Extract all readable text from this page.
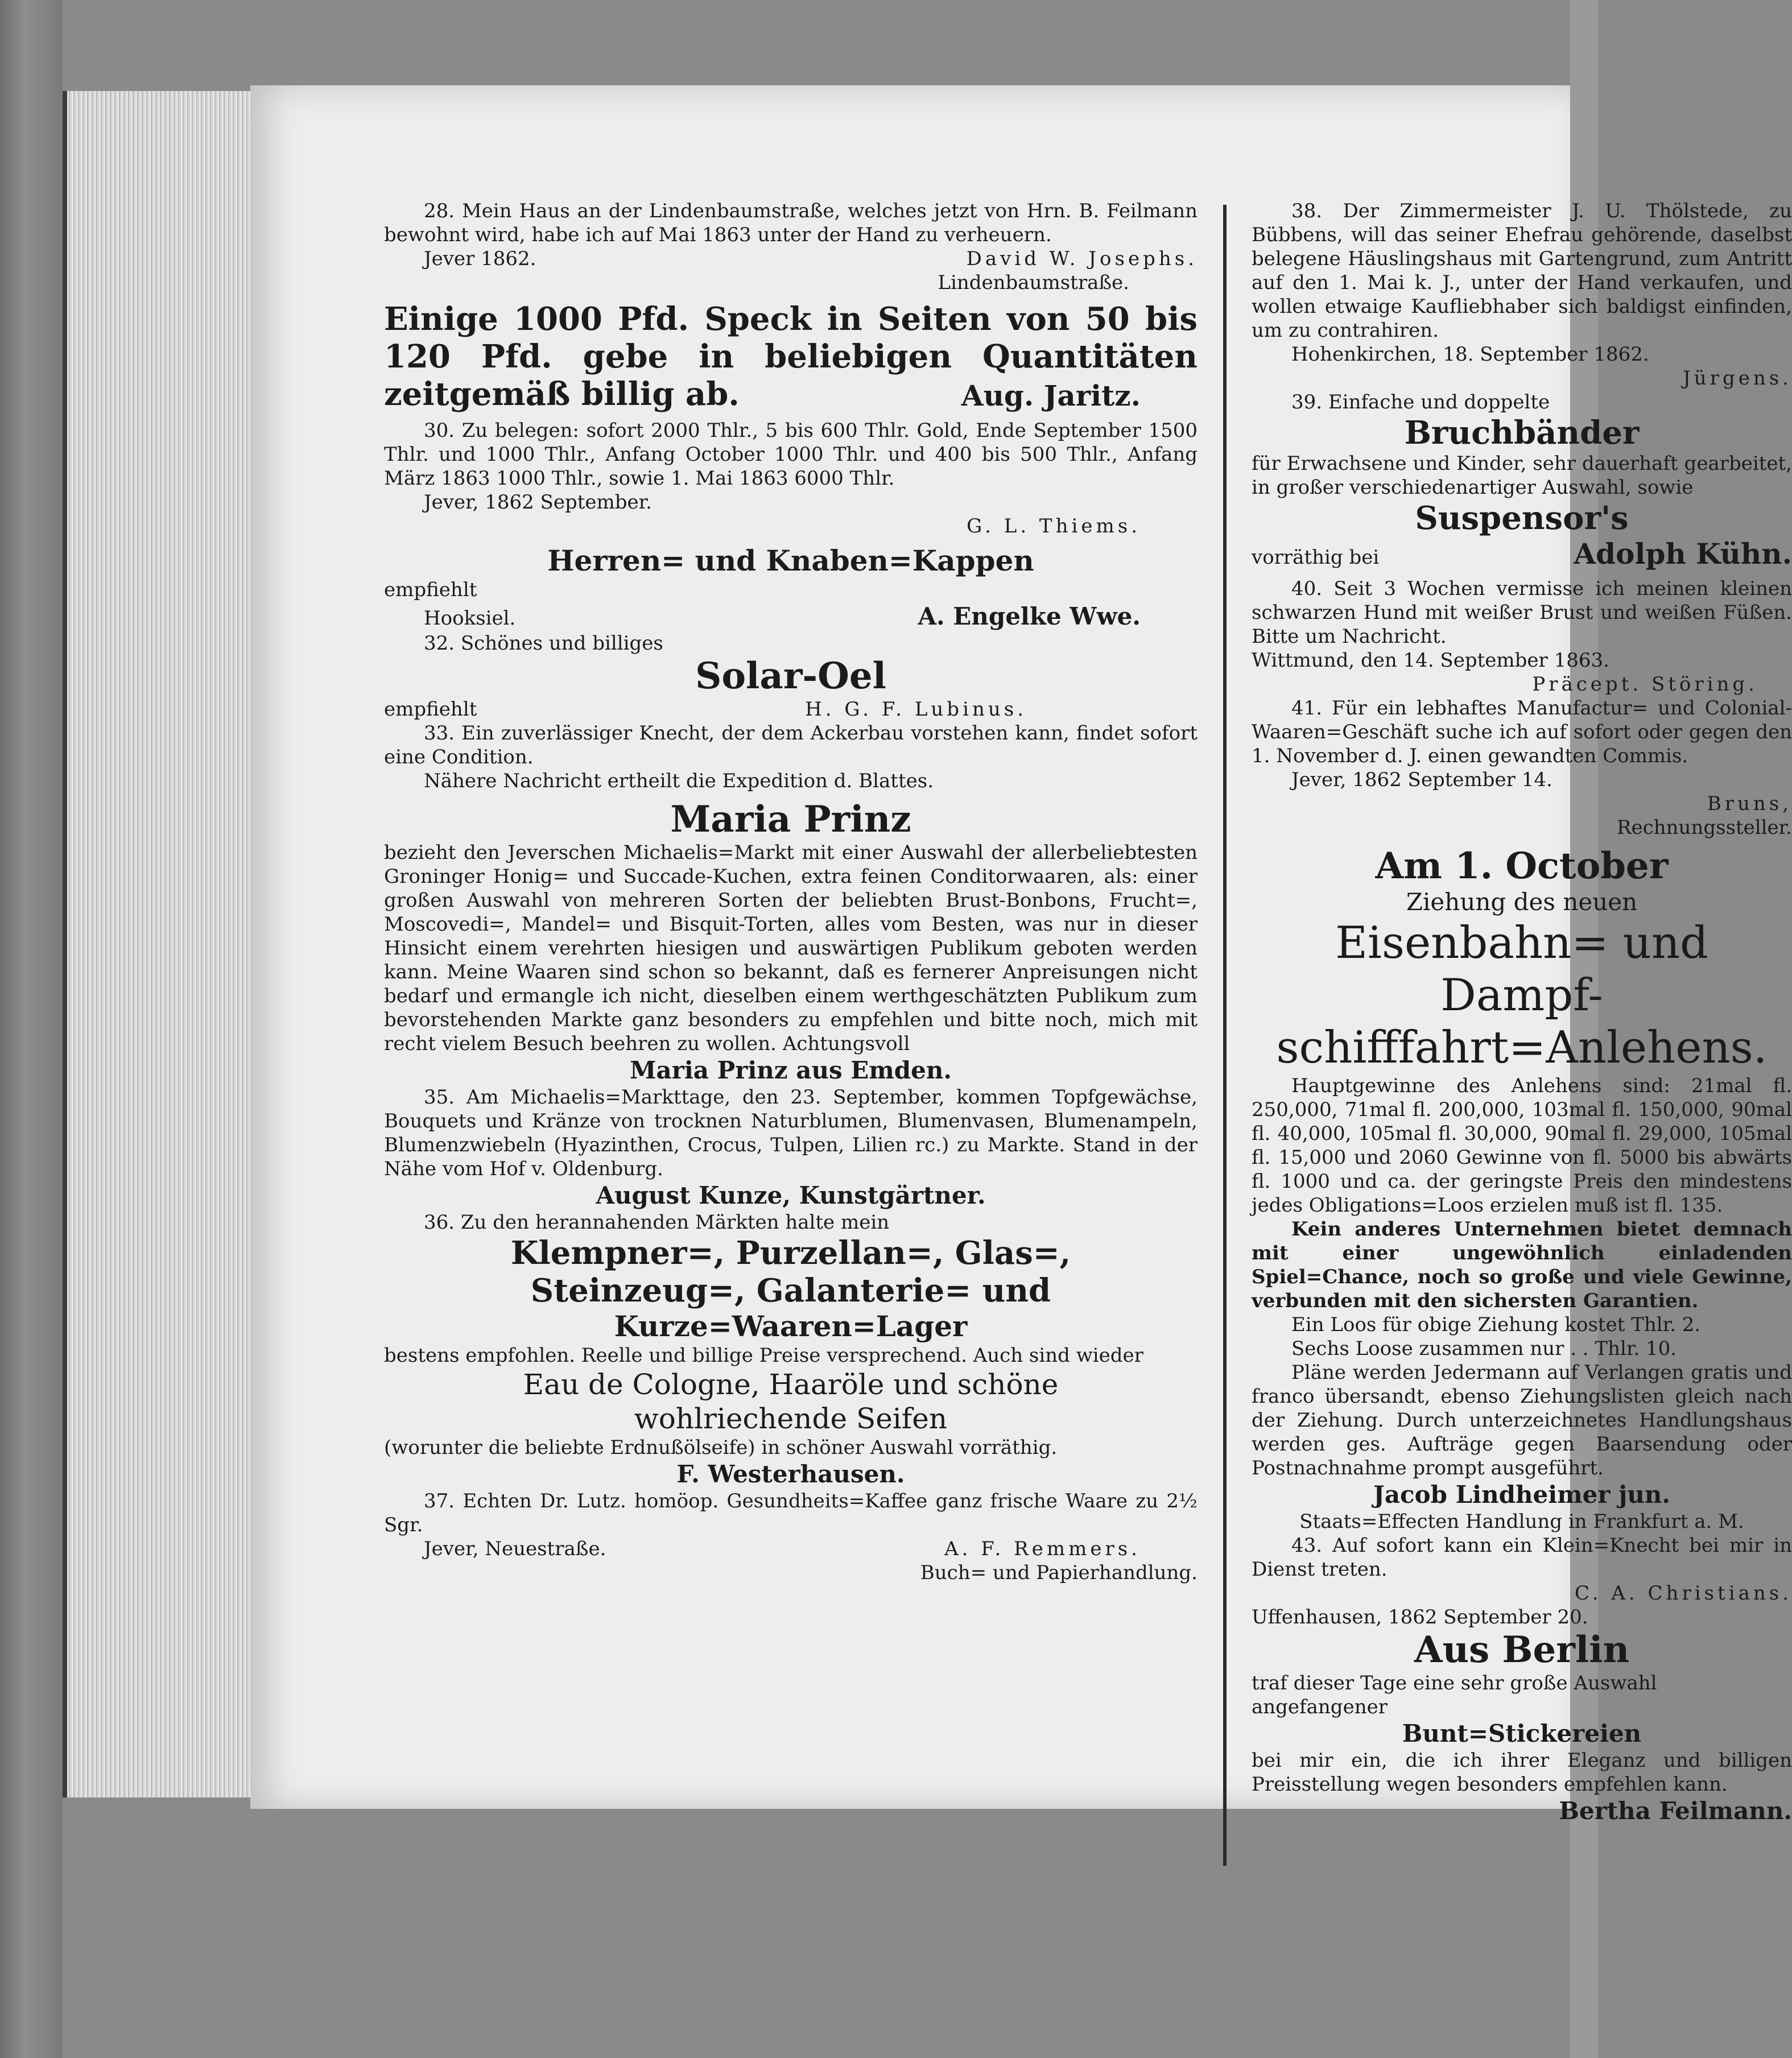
28. Mein Haus an der Lindenbaumstraße, welches jetzt von Hrn. B. Feilmann bewohnt wird, habe ich auf Mai 1863 unter der Hand zu verheuern.

Jever 1862.	David W. Josephs.
Lindenbaumstraße.

Einige 1000 Pfd. Speck in Seiten von 50 bis 120 Pfd. gebe in beliebigen Quantitäten zeitgemäß billig ab.	Aug. Jaritz.

30. Zu belegen: sofort 2000 Thlr., 5 bis 600 Thlr. Gold, Ende September 1500 Thlr. und 1000 Thlr., Anfang October 1000 Thlr. und 400 bis 500 Thlr., Anfang März 1863 1000 Thlr., sowie 1. Mai 1863 6000 Thlr.

Jever, 1862 September.
G. L. Thiems.
Herren= und Knaben=Kappen
empfiehlt
Hooksiel.	A. Engelke Wwe.
32. Schönes und billiges
Solar-Oel
empfiehlt	H. G. F. Lubinus.

33. Ein zuverlässiger Knecht, der dem Ackerbau vorstehen kann, findet sofort eine Condition.

Nähere Nachricht ertheilt die Expedition d. Blattes.
Maria Prinz

bezieht den Jeverschen Michaelis=Markt mit einer Auswahl der allerbeliebtesten Groninger Honig= und Succade-Kuchen, extra feinen Conditorwaaren, als: einer großen Auswahl von mehreren Sorten der beliebten Brust-Bonbons, Frucht=, Moscovedi=, Mandel= und Bisquit-Torten, alles vom Besten, was nur in dieser Hinsicht einem verehrten hiesigen und auswärtigen Publikum geboten werden kann. Meine Waaren sind schon so bekannt, daß es fernerer Anpreisungen nicht bedarf und ermangle ich nicht, dieselben einem werthgeschätzten Publikum zum bevorstehenden Markte ganz besonders zu empfehlen und bitte noch, mich mit recht vielem Besuch beehren zu wollen. Achtungsvoll

Maria Prinz aus Emden.

35. Am Michaelis=Markttage, den 23. September, kommen Topfgewächse, Bouquets und Kränze von trocknen Naturblumen, Blumenvasen, Blumenampeln, Blumenzwiebeln (Hyazinthen, Crocus, Tulpen, Lilien rc.) zu Markte. Stand in der Nähe vom Hof v. Oldenburg.

August Kunze, Kunstgärtner.
36. Zu den herannahenden Märkten halte mein
Klempner=, Purzellan=, Glas=,
Steinzeug=, Galanterie= und
Kurze=Waaren=Lager

bestens empfohlen. Reelle und billige Preise versprechend. Auch sind wieder

Eau de Cologne, Haaröle und schöne
wohlriechende Seifen

(worunter die beliebte Erdnußölseife) in schöner Auswahl vorräthig.

F. Westerhausen.

37. Echten Dr. Lutz. homöop. Gesundheits=Kaffee ganz frische Waare zu 2½ Sgr.

Jever, Neuestraße.	A. F. Remmers.
Buch= und Papierhandlung.

38. Der Zimmermeister J. U. Thölstede, zu Bübbens, will das seiner Ehefrau gehörende, daselbst belegene Häuslingshaus mit Gartengrund, zum Antritt auf den 1. Mai k. J., unter der Hand verkaufen, und wollen etwaige Kaufliebhaber sich baldigst einfinden, um zu contrahiren.

Hohenkirchen, 18. September 1862.
Jürgens.
39. Einfache und doppelte
Bruchbänder

für Erwachsene und Kinder, sehr dauerhaft gearbeitet, in großer verschiedenartiger Auswahl, sowie

Suspensor's
vorräthig bei	Adolph Kühn.

40. Seit 3 Wochen vermisse ich meinen kleinen schwarzen Hund mit weißer Brust und weißen Füßen. Bitte um Nachricht.

Wittmund, den 14. September 1863.
Präcept. Störing.

41. Für ein lebhaftes Manufactur= und Colonial-Waaren=Geschäft suche ich auf sofort oder gegen den 1. November d. J. einen gewandten Commis.

Jever, 1862 September 14.
Bruns,
Rechnungssteller.
Am 1. October
Ziehung des neuen
Eisenbahn= und Dampf-
schifffahrt=Anlehens.

Hauptgewinne des Anlehens sind: 21mal fl. 250,000, 71mal fl. 200,000, 103mal fl. 150,000, 90mal fl. 40,000, 105mal fl. 30,000, 90mal fl. 29,000, 105mal fl. 15,000 und 2060 Gewinne von fl. 5000 bis abwärts fl. 1000 und ca. der geringste Preis den mindestens jedes Obligations=Loos erzielen muß ist fl. 135.

Kein anderes Unternehmen bietet demnach mit einer ungewöhnlich einladenden Spiel=Chance, noch so große und viele Gewinne, verbunden mit den sichersten Garantien.

Ein Loos für obige Ziehung kostet Thlr. 2.
Sechs Loose zusammen nur . . Thlr. 10.

Pläne werden Jedermann auf Verlangen gratis und franco übersandt, ebenso Ziehungslisten gleich nach der Ziehung. Durch unterzeichnetes Handlungshaus werden ges. Aufträge gegen Baarsendung oder Postnachnahme prompt ausgeführt.

Jacob Lindheimer jun.
Staats=Effecten Handlung in Frankfurt a. M.

43. Auf sofort kann ein Klein=Knecht bei mir in Dienst treten.

C. A. Christians.
Uffenhausen, 1862 September 20.
Aus Berlin
traf dieser Tage eine sehr große Auswahl angefangener
Bunt=Stickereien

bei mir ein, die ich ihrer Eleganz und billigen Preisstellung wegen besonders empfehlen kann.

Bertha Feilmann.
